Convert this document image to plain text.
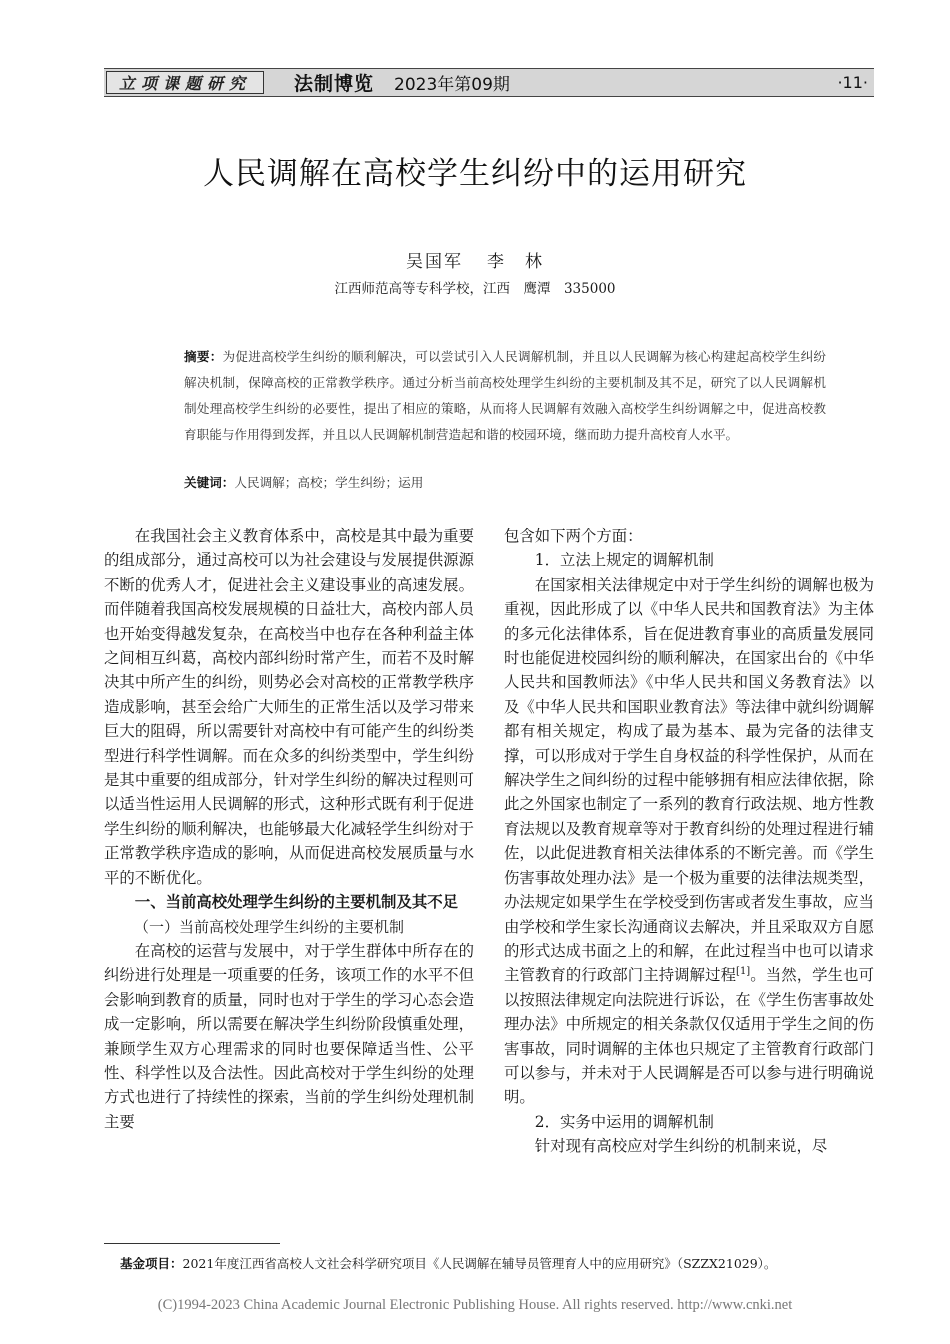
立项课题研究	法制博览 2023年第09期	·11·
人民调解在高校学生纠纷中的运用研究
吴国军 李　林
江西师范高等专科学校，江西　鹰潭　335000
摘要：为促进高校学生纠纷的顺利解决，可以尝试引入人民调解机制，并且以人民调解为核心构建起高校学生纠纷解决机制，保障高校的正常教学秩序。通过分析当前高校处理学生纠纷的主要机制及其不足，研究了以人民调解机制处理高校学生纠纷的必要性，提出了相应的策略，从而将人民调解有效融入高校学生纠纷调解之中，促进高校教育职能与作用得到发挥，并且以人民调解机制营造起和谐的校园环境，继而助力提升高校育人水平。
关键词：人民调解；高校；学生纠纷；运用

在我国社会主义教育体系中，高校是其中最为重要的组成部分，通过高校可以为社会建设与发展提供源源不断的优秀人才，促进社会主义建设事业的高速发展。而伴随着我国高校发展规模的日益壮大，高校内部人员也开始变得越发复杂，在高校当中也存在各种利益主体之间相互纠葛，高校内部纠纷时常产生，而若不及时解决其中所产生的纠纷，则势必会对高校的正常教学秩序造成影响，甚至会给广大师生的正常生活以及学习带来巨大的阻碍，所以需要针对高校中有可能产生的纠纷类型进行科学性调解。而在众多的纠纷类型中，学生纠纷是其中重要的组成部分，针对学生纠纷的解决过程则可以适当性运用人民调解的形式，这种形式既有利于促进学生纠纷的顺利解决，也能够最大化减轻学生纠纷对于正常教学秩序造成的影响，从而促进高校发展质量与水平的不断优化。

一、当前高校处理学生纠纷的主要机制及其不足

（一）当前高校处理学生纠纷的主要机制

在高校的运营与发展中，对于学生群体中所存在的纠纷进行处理是一项重要的任务，该项工作的水平不但会影响到教育的质量，同时也对于学生的学习心态会造成一定影响，所以需要在解决学生纠纷阶段慎重处理，兼顾学生双方心理需求的同时也要保障适当性、公平性、科学性以及合法性。因此高校对于学生纠纷的处理方式也进行了持续性的探索，当前的学生纠纷处理机制主要

包含如下两个方面：

1．立法上规定的调解机制

在国家相关法律规定中对于学生纠纷的调解也极为重视，因此形成了以《中华人民共和国教育法》为主体的多元化法律体系，旨在促进教育事业的高质量发展同时也能促进校园纠纷的顺利解决，在国家出台的《中华人民共和国教师法》《中华人民共和国义务教育法》以及《中华人民共和国职业教育法》等法律中就纠纷调解都有相关规定，构成了最为基本、最为完备的法律支撑，可以形成对于学生自身权益的科学性保护，从而在解决学生之间纠纷的过程中能够拥有相应法律依据，除此之外国家也制定了一系列的教育行政法规、地方性教育法规以及教育规章等对于教育纠纷的处理过程进行辅佐，以此促进教育相关法律体系的不断完善。而《学生伤害事故处理办法》是一个极为重要的法律法规类型，办法规定如果学生在学校受到伤害或者发生事故，应当由学校和学生家长沟通商议去解决，并且采取双方自愿的形式达成书面之上的和解，在此过程当中也可以请求主管教育的行政部门主持调解过程[1]。当然，学生也可以按照法律规定向法院进行诉讼，在《学生伤害事故处理办法》中所规定的相关条款仅仅适用于学生之间的伤害事故，同时调解的主体也只规定了主管教育行政部门可以参与，并未对于人民调解是否可以参与进行明确说明。

2．实务中运用的调解机制

针对现有高校应对学生纠纷的机制来说，尽

基金项目：2021年度江西省高校人文社会科学研究项目《人民调解在辅导员管理育人中的应用研究》（SZZX21029）。
(C)1994-2023 China Academic Journal Electronic Publishing House. All rights reserved. http://www.cnki.net
